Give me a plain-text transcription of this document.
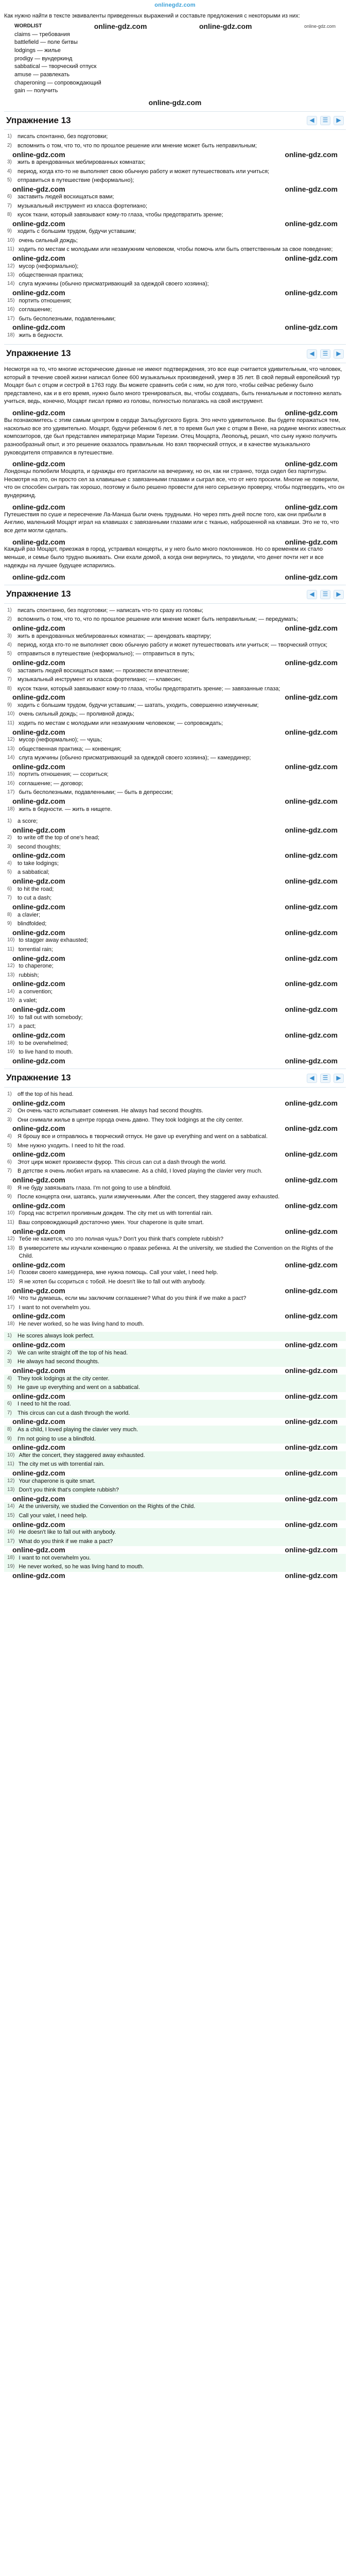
onlinegdz.com

Как нужно найти в тексте эквиваленты приведенных выражений и составьте предложения с некоторыми из них:

WORDLIST	online-gdz.com	online-gdz.com	online-gdz.com
claims — требования
battlefield — поле битвы
lodgings — жилье
prodigy — вундеркинд
sabbatical — творческий отпуск
amuse — развлекать
chaperoning — сопровождающий
gain — получить
online-gdz.com
Упражнение 13	◀	☰	▶
1) писать спонтанно, без подготовки;
2) вспомнить о том, что то, что по прошлое решение или мнение может быть неправильным;
online-gdz.com	online-gdz.com
3) жить в арендованных меблированных комнатах;
4) период, когда кто-то не выполняет свою обычную работу и может путешествовать или учиться;
5) отправиться в путешествие (неформально);
online-gdz.com	online-gdz.com
6) заставить людей восхищаться вами;
7) музыкальный инструмент из класса фортепиано;
8) кусок ткани, который завязывают кому-то глаза, чтобы предотвратить зрение;
online-gdz.com	online-gdz.com
9) ходить с большим трудом, будучи уставшим;
10) очень сильный дождь;
11) ходить по местам с молодыми или незамужним человеком, чтобы помочь или быть ответственным за свое поведение;
online-gdz.com	online-gdz.com
12) мусор (неформально);
13) общественная практика;
14) слуга мужчины (обычно присматривающий за одеждой своего хозяина);
online-gdz.com	online-gdz.com
15) портить отношения;
16) соглашение;
17) быть бесполезными, подавленными;
online-gdz.com	online-gdz.com
18) жить в бедности.
Упражнение 13	◀	☰	▶

Несмотря на то, что многие исторические данные не имеют подтверждения, это все еще считается удивительным, что человек, который в течение своей жизни написал более 600 музыкальных произведений, умер в 35 лет. В свой первый европейский тур Моцарт был с отцом и сестрой в 1763 году. Вы можете сравнить себя с ним, но для того, чтобы сейчас ребенку было представлено, как и в его время, нужно было много тренироваться, вы, чтобы создавать, быть гениальным и постоянно желать учиться, ведь, конечно, Моцарт писал прямо из головы, полностью полагаясь на свой инструмент.

online-gdz.com	online-gdz.com

Вы познакомитесь с этим самым центром в сердце Зальцбургского Бурга. Это нечто удивительное. Вы будете поражаться тем, насколько все это удивительно. Моцарт, будучи ребенком 6 лет, в то время был уже с отцом в Вене, на родине многих известных композиторов, где был представлен императрице Марии Терезии. Отец Моцарта, Леопольд, решил, что сыну нужно получить разнообразный опыт, и это решение оказалось правильным. Но взял творческий отпуск, и в качестве музыкального руководителя отправился в путешествие.

online-gdz.com	online-gdz.com

Лондонцы полюбили Моцарта, и однажды его пригласили на вечеринку, но он, как ни странно, тогда сидел без партитуры. Несмотря на это, он просто сел за клавишные с завязанными глазами и сыграл все, что от него просили. Многие не поверили, что он способен сыграть так хорошо, поэтому и было решено провести для него серьезную проверку, чтобы подтвердить, что он вундеркинд.

online-gdz.com	online-gdz.com

Путешествия по суше и пересечение Ла-Манша были очень трудными. Но через пять дней после того, как они прибыли в Англию, маленький Моцарт играл на клавишах с завязанными глазами или с тканью, наброшенной на клавиши. Это не то, что все дети могли сделать.

online-gdz.com	online-gdz.com

Каждый раз Моцарт, приезжая в город, устраивал концерты, и у него было много поклонников. Но со временем их стало меньше, и семье было трудно выживать. Они ехали домой, а когда они вернулись, то увидели, что денег почти нет и все надежды на лучшее будущее испарились.

online-gdz.com	online-gdz.com
Упражнение 13	◀	☰	▶
1) писать спонтанно, без подготовки; — написать что-то сразу из головы;
2) вспомнить о том, что то, что по прошлое решение или мнение может быть неправильным; — передумать;
online-gdz.com	online-gdz.com
3) жить в арендованных меблированных комнатах; — арендовать квартиру;
4) период, когда кто-то не выполняет свою обычную работу и может путешествовать или учиться; — творческий отпуск;
5) отправиться в путешествие (неформально); — отправиться в путь;
online-gdz.com	online-gdz.com
6) заставить людей восхищаться вами; — произвести впечатление;
7) музыкальный инструмент из класса фортепиано; — клавесин;
8) кусок ткани, который завязывают кому-то глаза, чтобы предотвратить зрение; — завязанные глаза;
online-gdz.com	online-gdz.com
9) ходить с большим трудом, будучи уставшим; — шатать, уходить, совершенно измученным;
10) очень сильный дождь; — проливной дождь;
11) ходить по местам с молодыми или незамужним человеком; — сопровождать;
online-gdz.com	online-gdz.com
12) мусор (неформально); — чушь;
13) общественная практика; — конвенция;
14) слуга мужчины (обычно присматривающий за одеждой своего хозяина); — камердинер;
online-gdz.com	online-gdz.com
15) портить отношения; — ссориться;
16) соглашение; — договор;
17) быть бесполезными, подавленными; — быть в депрессии;
online-gdz.com	online-gdz.com
18) жить в бедности. — жить в нищете.
1) a score;
online-gdz.com	online-gdz.com
2) to write off the top of one's head;
3) second thoughts;
online-gdz.com	online-gdz.com
4) to take lodgings;
5) a sabbatical;
online-gdz.com	online-gdz.com
6) to hit the road;
7) to cut a dash;
online-gdz.com	online-gdz.com
8) a clavier;
9) blindfolded;
online-gdz.com	online-gdz.com
10) to stagger away exhausted;
11) torrential rain;
online-gdz.com	online-gdz.com
12) to chaperone;
13) rubbish;
online-gdz.com	online-gdz.com
14) a convention;
15) a valet;
online-gdz.com	online-gdz.com
16) to fall out with somebody;
17) a pact;
online-gdz.com	online-gdz.com
18) to be overwhelmed;
19) to live hand to mouth.
online-gdz.com	online-gdz.com
Упражнение 13	◀	☰	▶
1) off the top of his head.
online-gdz.com	online-gdz.com
2) Он очень часто испытывает сомнения. He always had second thoughts.
3) Они снимали жилье в центре города очень давно. They took lodgings at the city center.
online-gdz.com	online-gdz.com
4) Я брошу все и отправлюсь в творческий отпуск. He gave up everything and went on a sabbatical.
5) Мне нужно уходить. I need to hit the road.
online-gdz.com	online-gdz.com
6) Этот цирк может произвести фурор. This circus can cut a dash through the world.
7) В детстве я очень любил играть на клавесине. As a child, I loved playing the clavier very much.
online-gdz.com	online-gdz.com
8) Я не буду завязывать глаза. I'm not going to use a blindfold.
9) После концерта они, шатаясь, ушли измученными. After the concert, they staggered away exhausted.
online-gdz.com	online-gdz.com
10) Город нас встретил проливным дождем. The city met us with torrential rain.
11) Ваш сопровождающий достаточно умен. Your chaperone is quite smart.
online-gdz.com	online-gdz.com
12) Тебе не кажется, что это полная чушь? Don't you think that's complete rubbish?
13) В университете мы изучали конвенцию о правах ребенка. At the university, we studied the Convention on the Rights of the Child.
online-gdz.com	online-gdz.com
14) Позови своего камердинера, мне нужна помощь. Call your valet, I need help.
15) Я не хотел бы ссориться с тобой. He doesn't like to fall out with anybody.
online-gdz.com	online-gdz.com
16) Что ты думаешь, если мы заключим соглашение? What do you think if we make a pact?
17) I want to not overwhelm you.
online-gdz.com	online-gdz.com
18) He never worked, so he was living hand to mouth.
1) He scores always look perfect.
online-gdz.com	online-gdz.com
2) We can write straight off the top of his head.
3) He always had second thoughts.
online-gdz.com	online-gdz.com
4) They took lodgings at the city center.
5) He gave up everything and went on a sabbatical.
online-gdz.com	online-gdz.com
6) I need to hit the road.
7) This circus can cut a dash through the world.
online-gdz.com	online-gdz.com
8) As a child, I loved playing the clavier very much.
9) I'm not going to use a blindfold.
online-gdz.com	online-gdz.com
10) After the concert, they staggered away exhausted.
11) The city met us with torrential rain.
online-gdz.com	online-gdz.com
12) Your chaperone is quite smart.
13) Don't you think that's complete rubbish?
online-gdz.com	online-gdz.com
14) At the university, we studied the Convention on the Rights of the Child.
15) Call your valet, I need help.
online-gdz.com	online-gdz.com
16) He doesn't like to fall out with anybody.
17) What do you think if we make a pact?
online-gdz.com	online-gdz.com
18) I want to not overwhelm you.
19) He never worked, so he was living hand to mouth.
online-gdz.com	online-gdz.com
